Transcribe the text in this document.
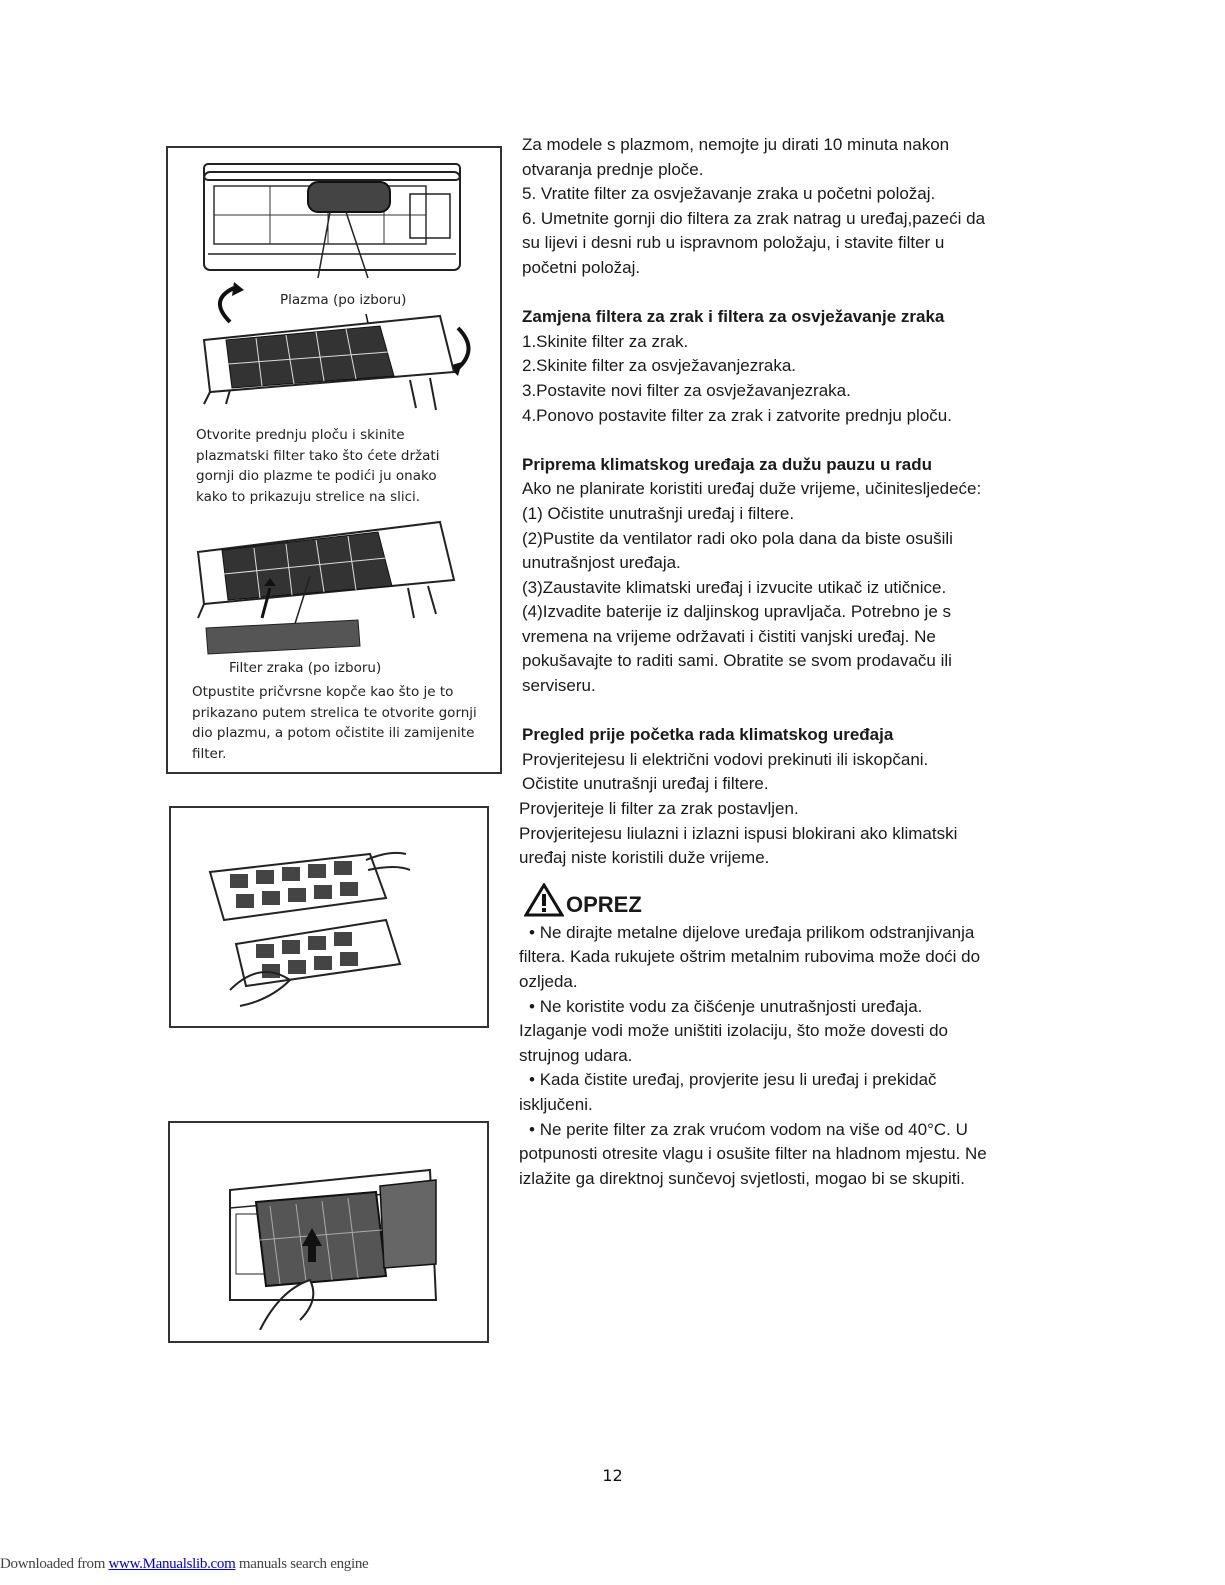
Plazma (po izboru)
Otvorite prednju ploču i skinite
plazmatski filter tako što ćete držati
gornji dio plazme te podići ju onako
kako to prikazuju strelice na slici.
Filter zraka (po izboru)
Otpustite pričvrsne kopče kao što je to
prikazano putem strelica te otvorite gornji
dio plazmu, a potom očistite ili zamijenite
filter.

Za modele s plazmom, nemojte ju dirati 10 minuta nakon
otvaranja prednje ploče.

5. Vratite filter za osvježavanje zraka u početni položaj.

6. Umetnite gornji dio filtera za zrak natrag u uređaj,pazeći da
su lijevi i desni rub u ispravnom položaju, i stavite filter u
početni položaj.

Zamjena filtera za zrak i filtera za osvježavanje zraka

1.Skinite filter za zrak.

2.Skinite filter za osvježavanjezraka.

3.Postavite novi filter za osvježavanjezraka.

4.Ponovo postavite filter za zrak i zatvorite prednju ploču.

Priprema klimatskog uređaja za dužu pauzu u radu

Ako ne planirate koristiti uređaj duže vrijeme, učinitesljedeće:

(1) Očistite unutrašnji uređaj i filtere.

(2)Pustite da ventilator radi oko pola dana da biste osušili
unutrašnjost uređaja.

(3)Zaustavite klimatski uređaj i izvucite utikač iz utičnice.

(4)Izvadite baterije iz daljinskog upravljača. Potrebno je s
vremena na vrijeme održavati i čistiti vanjski uređaj. Ne
pokušavajte to raditi sami. Obratite se svom prodavaču ili
serviseru.

Pregled prije početka rada klimatskog uređaja

Provjeritejesu li električni vodovi prekinuti ili iskopčani.

Očistite unutrašnji uređaj i filtere.

Provjeriteje li filter za zrak postavljen.

Provjeritejesu liulazni i izlazni ispusi blokirani ako klimatski
uređaj niste koristili duže vrijeme.

OPREZ

• Ne dirajte metalne dijelove uređaja prilikom odstranjivanja
filtera. Kada rukujete oštrim metalnim rubovima može doći do
ozljeda.

• Ne koristite vodu za čišćenje unutrašnjosti uređaja.
Izlaganje vodi može uništiti izolaciju, što može dovesti do
strujnog udara.

• Kada čistite uređaj, provjerite jesu li uređaj i prekidač
isključeni.

• Ne perite filter za zrak vrućom vodom na više od 40°C. U
potpunosti otresite vlagu i osušite filter na hladnom mjestu. Ne
izlažite ga direktnoj sunčevoj svjetlosti, mogao bi se skupiti.

12
Downloaded from www.Manualslib.com manuals search engine
